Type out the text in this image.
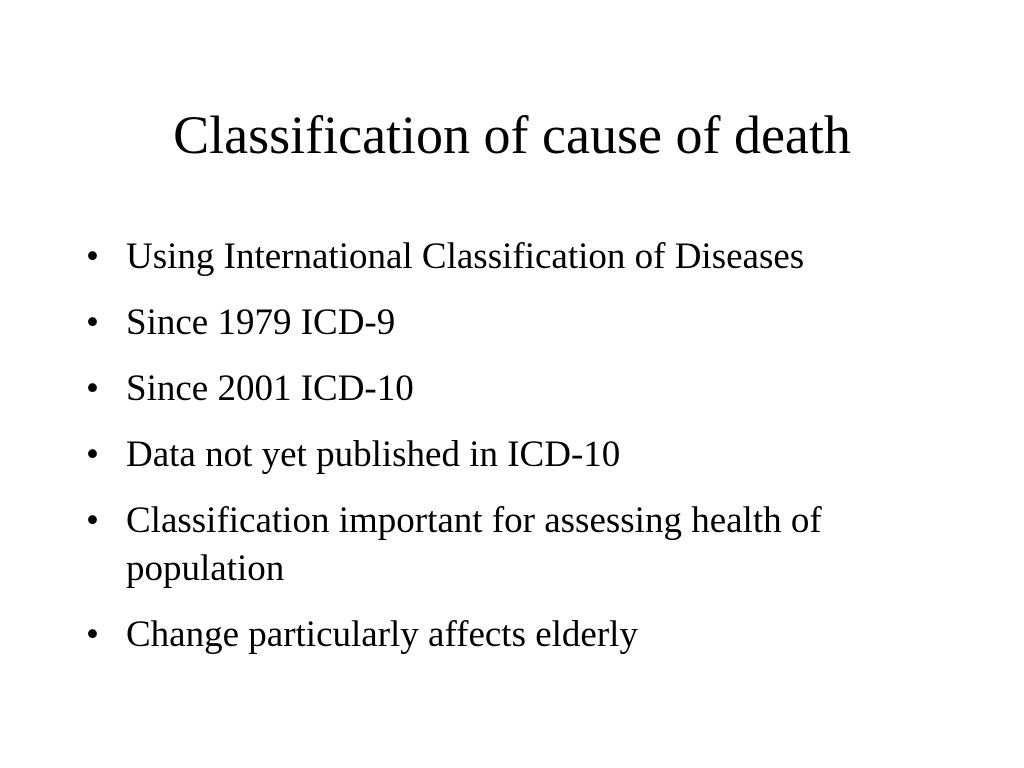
Classification of cause of death
• Using International Classification of Diseases
• Since 1979 ICD-9
• Since 2001 ICD-10
• Data not yet published in ICD-10
• Classification important for assessing health of population
• Change particularly affects elderly
